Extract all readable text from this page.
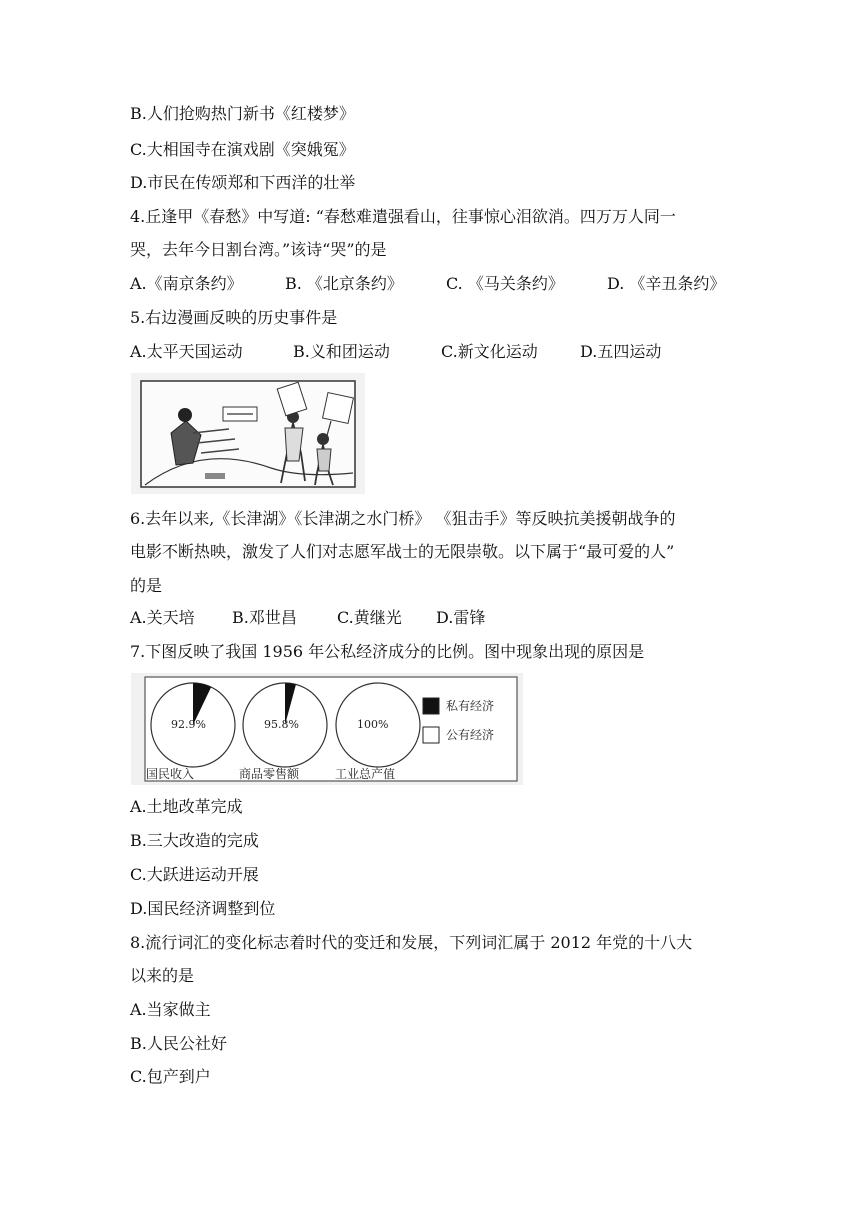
B.人们抢购热门新书《红楼梦》
C.大相国寺在演戏剧《突娥冤》
D.市民在传颂郑和下西洋的壮举
4.丘逢甲《春愁》中写道: “春愁难遣强看山，往事惊心泪欲消。四万万人同一
哭，去年今日割台湾。”该诗“哭”的是
A.《南京条约》	B. 《北京条约》	C. 《马关条约》	D. 《辛丑条约》
5.右边漫画反映的历史事件是
A.太平天国运动	B.义和团运动	C.新文化运动	D.五四运动
6.去年以来,《长津湖》《长津湖之水门桥》 《狙击手》等反映抗美援朝战争的
电影不断热映，激发了人们对志愿军战士的无限崇敬。以下属于“最可爱的人”
的是
A.关天培 B.邓世昌	C.黄继光 D.雷锋
7.下图反映了我国 1956 年公私经济成分的比例。图中现象出现的原因是
92.9%	95.8%	100%
国民收入	商品零售额	工业总产值
私有经济
公有经济
A.土地改革完成
B.三大改造的完成
C.大跃进运动开展
D.国民经济调整到位
8.流行词汇的变化标志着时代的变迁和发展，下列词汇属于 2012 年党的十八大
以来的是
A.当家做主
B.人民公社好
C.包产到户
